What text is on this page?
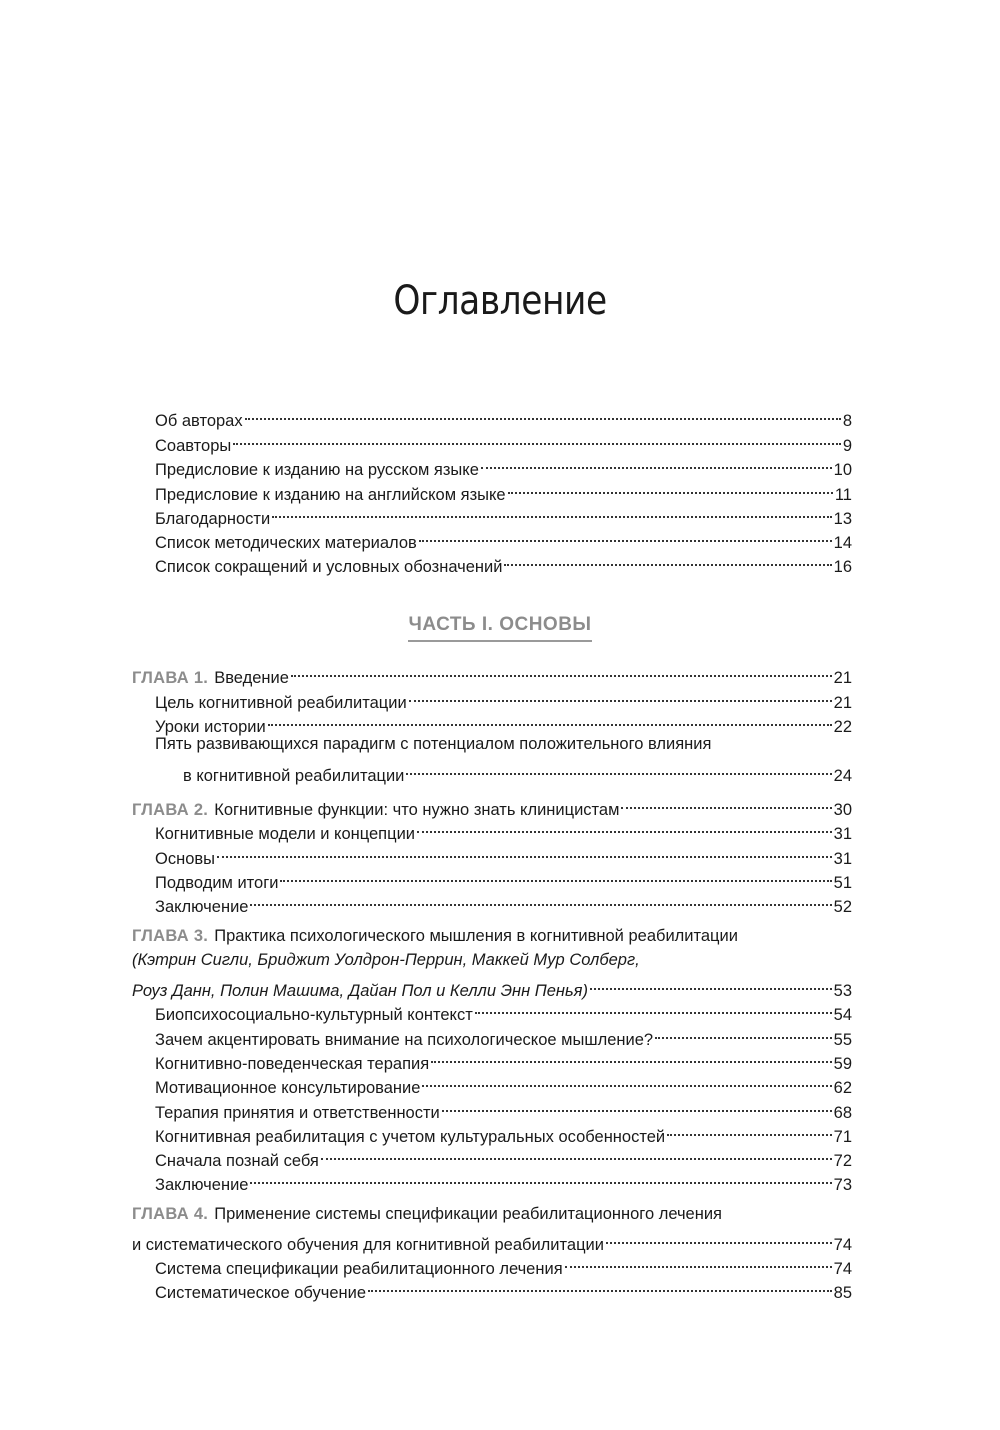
Оглавление
Об авторах	8
Соавторы	9
Предисловие к изданию на русском языке	10
Предисловие к изданию на английском языке	11
Благодарности	13
Список методических материалов	14
Список сокращений и условных обозначений	16
ЧАСТЬ I. ОСНОВЫ
ГЛАВА 1. Введение	21
Цель когнитивной реабилитации	21
Уроки истории	22
Пять развивающихся парадигм с потенциалом положительного влияния
в когнитивной реабилитации	24
ГЛАВА 2. Когнитивные функции: что нужно знать клиницистам	30
Когнитивные модели и концепции	31
Основы	31
Подводим итоги	51
Заключение	52
ГЛАВА 3. Практика психологического мышления в когнитивной реабилитации
(Кэтрин Сигли, Бриджит Уолдрон-Перрин, Маккей Мур Солберг,
Роуз Данн, Полин Машима, Дайан Пол и Келли Энн Пенья)	53
Биопсихосоциально-культурный контекст	54
Зачем акцентировать внимание на психологическое мышление?	55
Когнитивно-поведенческая терапия	59
Мотивационное консультирование	62
Терапия принятия и ответственности	68
Когнитивная реабилитация с учетом культуральных особенностей	71
Сначала познай себя	72
Заключение	73
ГЛАВА 4. Применение системы спецификации реабилитационного лечения
и систематического обучения для когнитивной реабилитации	74
Система спецификации реабилитационного лечения	74
Систематическое обучение	85
